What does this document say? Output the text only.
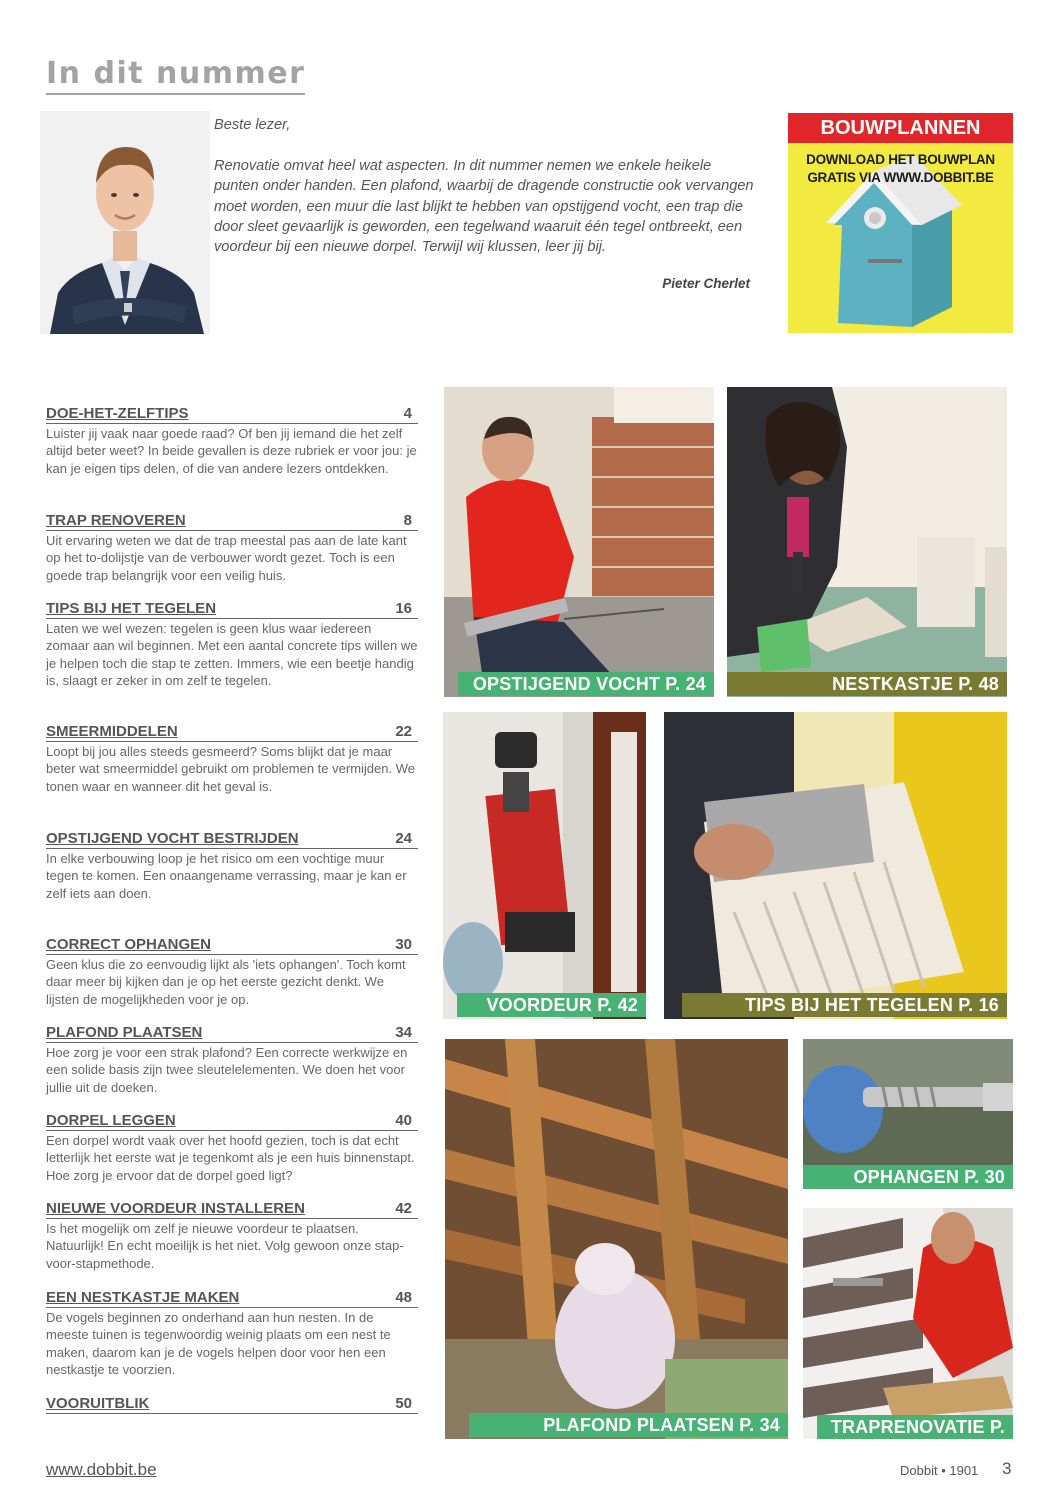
In dit nummer

Beste lezer,

Renovatie omvat heel wat aspecten. In dit nummer nemen we enkele heikele punten onder handen. Een plafond, waarbij de dragende constructie ook vervangen moet worden, een muur die last blijkt te hebben van opstijgend vocht, een trap die door sleet gevaarlijk is geworden, een tegelwand waaruit één tegel ontbreekt, een voordeur bij een nieuwe dorpel. Terwijl wij klussen, leer jij bij.

Pieter Cherlet
BOUWPLANNEN
DOWNLOAD HET BOUWPLAN
GRATIS VIA WWW.DOBBIT.BE
DOE-HET-ZELFTIPS	4
Luister jij vaak naar goede raad? Of ben jij iemand die het zelf altijd beter weet? In beide gevallen is deze rubriek er voor jou: je kan je eigen tips delen, of die van andere lezers ontdekken.
TRAP RENOVEREN	8
Uit ervaring weten we dat de trap meestal pas aan de late kant op het to-dolijstje van de verbouwer wordt gezet. Toch is een goede trap belangrijk voor een veilig huis.
TIPS BIJ HET TEGELEN	16
Laten we wel wezen: tegelen is geen klus waar iedereen zomaar aan wil beginnen. Met een aantal concrete tips willen we je helpen toch die stap te zetten. Immers, wie een beetje handig is, slaagt er zeker in om zelf te tegelen.
SMEERMIDDELEN	22
Loopt bij jou alles steeds gesmeerd? Soms blijkt dat je maar beter wat smeermiddel gebruikt om problemen te vermijden. We tonen waar en wanneer dit het geval is.
OPSTIJGEND VOCHT BESTRIJDEN	24
In elke verbouwing loop je het risico om een vochtige muur tegen te komen. Een onaangename verrassing, maar je kan er zelf iets aan doen.
CORRECT OPHANGEN	30
Geen klus die zo eenvoudig lijkt als 'iets ophangen'. Toch komt daar meer bij kijken dan je op het eerste gezicht denkt. We lijsten de mogelijkheden voor je op.
PLAFOND PLAATSEN	34
Hoe zorg je voor een strak plafond? Een correcte werkwijze en een solide basis zijn twee sleutelelementen. We doen het voor jullie uit de doeken.
DORPEL LEGGEN	40
Een dorpel wordt vaak over het hoofd gezien, toch is dat echt letterlijk het eerste wat je tegenkomt als je een huis binnenstapt. Hoe zorg je ervoor dat de dorpel goed ligt?
NIEUWE VOORDEUR INSTALLEREN	42
Is het mogelijk om zelf je nieuwe voordeur te plaatsen. Natuurlijk! En echt moeilijk is het niet. Volg gewoon onze stap-voor-stapmethode.
EEN NESTKASTJE MAKEN	48
De vogels beginnen zo onderhand aan hun nesten. In de meeste tuinen is tegenwoordig weinig plaats om een nest te maken, daarom kan je de vogels helpen door voor hen een nestkastje te voorzien.
VOORUITBLIK	50
OPSTIJGEND VOCHT P. 24	NESTKASTJE P. 48
VOORDEUR P. 42	TIPS BIJ HET TEGELEN P. 16
PLAFOND PLAATSEN P. 34
OPHANGEN P. 30
TRAPRENOVATIE P. 8
www.dobbit.be	Dobbit • 1901 3
